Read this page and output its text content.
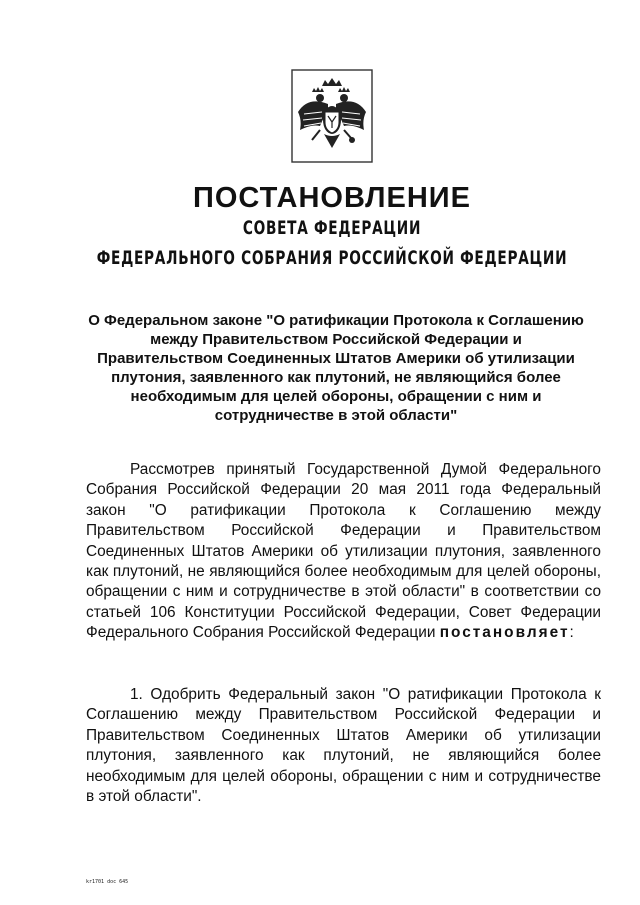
ПОСТАНОВЛЕНИЕ
СОВЕТА ФЕДЕРАЦИИ
ФЕДЕРАЛЬНОГО СОБРАНИЯ РОССИЙСКОЙ ФЕДЕРАЦИИ
О Федеральном законе "О ратификации Протокола к Соглашению между Правительством Российской Федерации и Правительством Соединенных Штатов Америки об утилизации плутония, заявленного как плутоний, не являющийся более необходимым для целей обороны, обращении с ним и сотрудничестве в этой области"
Рассмотрев принятый Государственной Думой Федерального Собрания Российской Федерации 20 мая 2011 года Федеральный закон "О ратификации Протокола к Соглашению между Правительством Российской Федерации и Правительством Соединенных Штатов Америки об утилизации плутония, заявленного как плутоний, не являющийся более необходимым для целей обороны, обращении с ним и сотрудничестве в этой области" в соответствии со статьей 106 Конституции Российской Федерации, Совет Федерации Федерального Собрания Российской Федерации постановляет:
1. Одобрить Федеральный закон "О ратификации Протокола к Соглашению между Правительством Российской Федерации и Правительством Соединенных Штатов Америки об утилизации плутония, заявленного как плутоний, не являющийся более необходимым для целей обороны, обращении с ним и сотрудничестве в этой области".
kr1701 doc 645
